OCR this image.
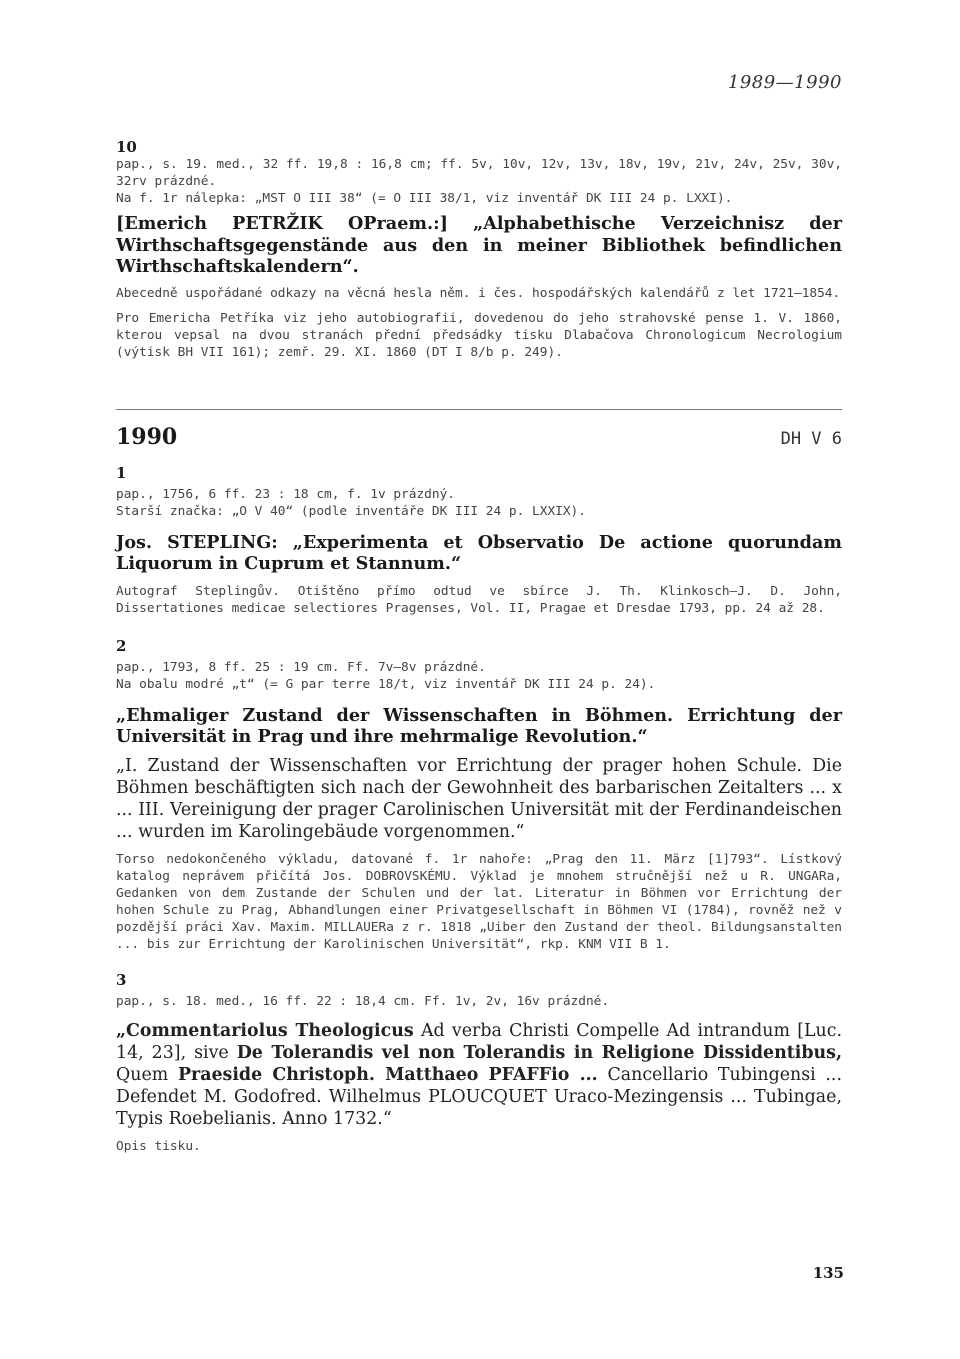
1989—1990

10

pap., s. 19. med., 32 ff. 19,8 : 16,8 cm; ff. 5v, 10v, 12v, 13v, 18v, 19v, 21v, 24v, 25v, 30v, 32rv prázdné.

Na f. 1r nálepka: „MST O III 38“ (= O III 38/1, viz inventář DK III 24 p. LXXI).

[Emerich PETRŽIK OPraem.:] „Alphabethische Verzeichnisz der Wirthschaftsgegenstände aus den in meiner Bibliothek befindlichen Wirthschaftskalendern“.

Abecedně uspořádané odkazy na věcná hesla něm. i čes. hospodářských kalendářů z let 1721—1854.

Pro Emericha Petříka viz jeho autobiografii, dovedenou do jeho strahovské pense 1. V. 1860, kterou vepsal na dvou stranách přední předsádky tisku Dlabačova Chronologicum Necrologium (výtisk BH VII 161); zemř. 29. XI. 1860 (DT I 8/b p. 249).

1990	DH V 6

1

pap., 1756, 6 ff. 23 : 18 cm, f. 1v prázdný.

Starší značka: „O V 40“ (podle inventáře DK III 24 p. LXXIX).

Jos. STEPLING: „Experimenta et Observatio De actione quorundam Liquorum in Cuprum et Stannum.“

Autograf Steplingův. Otištěno přímo odtud ve sbírce J. Th. Klinkosch—J. D. John, Dissertationes medicae selectiores Pragenses, Vol. II, Pragae et Dresdae 1793, pp. 24 až 28.

2

pap., 1793, 8 ff. 25 : 19 cm. Ff. 7v—8v prázdné.

Na obalu modré „t“ (= G par terre 18/t, viz inventář DK III 24 p. 24).

„Ehmaliger Zustand der Wissenschaften in Böhmen. Errichtung der Universität in Prag und ihre mehrmalige Revolution.“

„I. Zustand der Wissenschaften vor Errichtung der prager hohen Schule. Die Böhmen beschäftigten sich nach der Gewohnheit des barbarischen Zeitalters ... x ... III. Vereinigung der prager Carolinischen Universität mit der Ferdinandeischen ... wurden im Karolingebäude vorgenommen.“

Torso nedokončeného výkladu, datované f. 1r nahoře: „Prag den 11. März [1]793“. Lístkový katalog neprávem přičítá Jos. DOBROVSKÉMU. Výklad je mnohem stručnější než u R. UNGARa, Gedanken von dem Zustande der Schulen und der lat. Literatur in Böhmen vor Errichtung der hohen Schule zu Prag, Abhandlungen einer Privatgesellschaft in Böhmen VI (1784), rovněž než v pozdější práci Xav. Maxim. MILLAUERa z r. 1818 „Uiber den Zustand der theol. Bildungsanstalten ... bis zur Errichtung der Karolinischen Universität“, rkp. KNM VII B 1.

3

pap., s. 18. med., 16 ff. 22 : 18,4 cm. Ff. 1v, 2v, 16v prázdné.

„Commentariolus Theologicus Ad verba Christi Compelle Ad intrandum [Luc. 14, 23], sive De Tolerandis vel non Tolerandis in Religione Dissidentibus, Quem Praeside Christoph. Matthaeo PFAFFio ... Cancellario Tubingensi ... Defendet M. Godofred. Wilhelmus PLOUCQUET Uraco-Mezingensis ... Tubingae, Typis Roebelianis. Anno 1732.“

Opis tisku.

135
